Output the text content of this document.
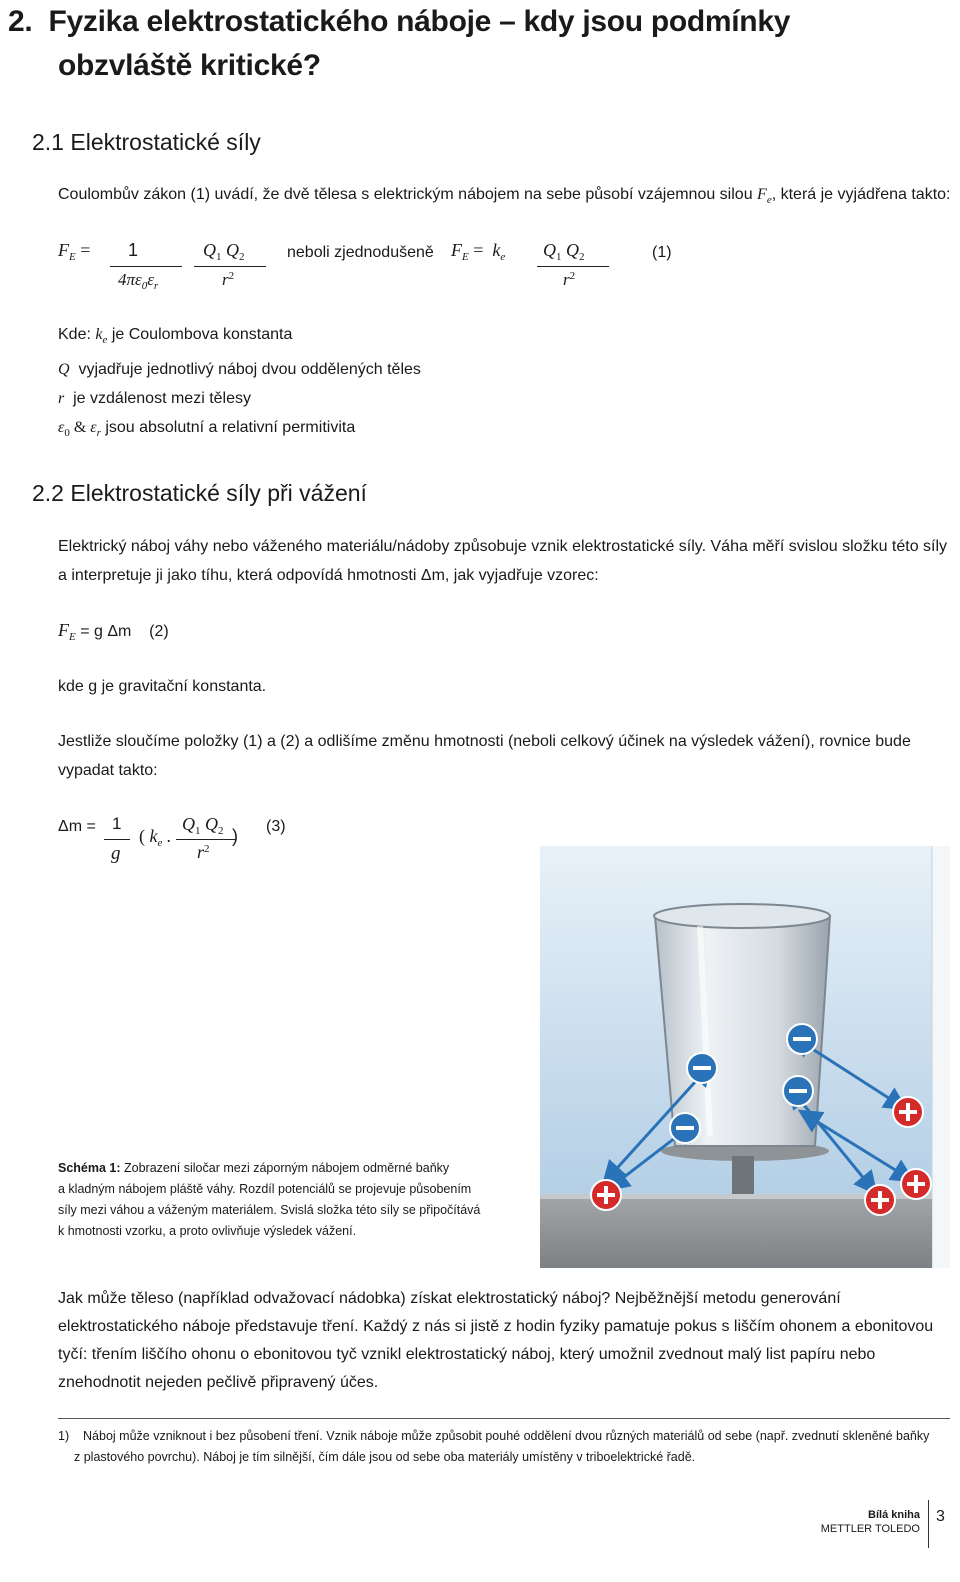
2. Fyzika elektrostatického náboje – kdy jsou podmínky
obzvláště kritické?
2.1 Elektrostatické síly
Coulombův zákon (1) uvádí, že dvě tělesa s elektrickým nábojem na sebe působí vzájemnou silou $F_e$, která je vyjádřena takto:
$F_E = 1$
$4\pi\varepsilon_0\varepsilon_r$
$Q_1$ $Q_2$
$r^2$
neboli zjednodušeně $F_E = k_e$ $Q_1$ $Q_2$
$r^2$
(1)
Kde: $k_e$ je Coulombova konstanta
Q vyjadřuje jednotlivý náboj dvou oddělených těles
r je vzdálenost mezi tělesy
$\varepsilon_0$ & $\varepsilon_r$ jsou absolutní a relativní permitivita
2.2 Elektrostatické síly při vážení
Elektrický náboj váhy nebo váženého materiálu/nádoby způsobuje vznik elektrostatické síly. Váha měří svislou složku této síly
a interpretuje ji jako tíhu, která odpovídá hmotnosti Δm, jak vyjadřuje vzorec:
$F_E = g$ Δm (2)
kde g je gravitační konstanta.
Jestliže sloučíme položky (1) a (2) a odlišíme změnu hmotnosti (neboli celkový účinek na výsledek vážení), rovnice bude
vypadat takto:
Δm = 1
g
( $k_e$ .
$Q_1$ $Q_2$
$r^2$
) (3)
Schéma 1: Zobrazení siločar mezi záporným nábojem odměrné baňky
a kladným nábojem pláště váhy. Rozdíl potenciálů se projevuje působením
síly mezi váhou a váženým materiálem. Svislá složka této síly se připočítává
k hmotnosti vzorku, a proto ovlivňuje výsledek vážení.
Jak může těleso (například odvažovací nádobka) získat elektrostatický náboj? Nejběžnější metodu generování
elektrostatického náboje představuje tření. Každý z nás si jistě z hodin fyziky pamatuje pokus s liščím ohonem a ebonitovou
tyčí: třením liščího ohonu o ebonitovou tyč vznikl elektrostatický náboj, který umožnil zvednout malý list papíru nebo
znehodnotit nejeden pečlivě připravený účes.
1) Náboj může vzniknout i bez působení tření. Vznik náboje může způsobit pouhé oddělení dvou různých materiálů od sebe (např. zvednutí skleněné baňky
z plastového povrchu). Náboj je tím silnější, čím dále jsou od sebe oba materiály umístěny v triboelektrické řadě.
Bílá kniha
METTLER TOLEDO
3
